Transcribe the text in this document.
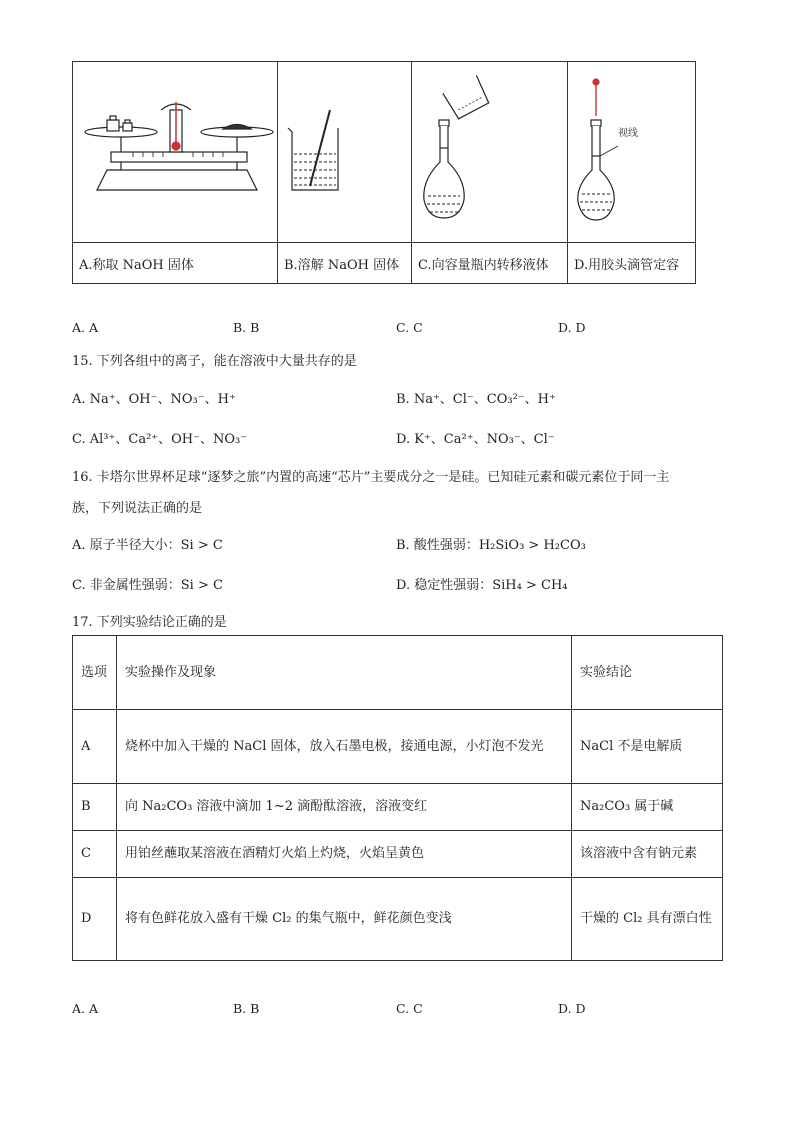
视线

A.称取 NaOH 固体	B.溶解 NaOH 固体	C.向容量瓶内转移液体	D.用胶头滴管定容
A. A	B. B	C. C	D. D
15. 下列各组中的离子，能在溶液中大量共存的是
A. Na⁺、OH⁻、NO₃⁻、H⁺	B. Na⁺、Cl⁻、CO₃²⁻、H⁺
C. Al³⁺、Ca²⁺、OH⁻、NO₃⁻	D. K⁺、Ca²⁺、NO₃⁻、Cl⁻
16. 卡塔尔世界杯足球“逐梦之旅”内置的高速“芯片”主要成分之一是硅。已知硅元素和碳元素位于同一主
族，下列说法正确的是
A. 原子半径大小：Si > C	B. 酸性强弱：H₂SiO₃ > H₂CO₃
C. 非金属性强弱：Si > C	D. 稳定性强弱：SiH₄ > CH₄
17. 下列实验结论正确的是
选项	实验操作及现象	实验结论
A	烧杯中加入干燥的 NaCl 固体，放入石墨电极，接通电源，小灯泡不发光	NaCl 不是电解质
B	向 Na₂CO₃ 溶液中滴加 1~2 滴酚酞溶液，溶液变红	Na₂CO₃ 属于碱
C	用铂丝蘸取某溶液在酒精灯火焰上灼烧，火焰呈黄色	该溶液中含有钠元素
D	将有色鲜花放入盛有干燥 Cl₂ 的集气瓶中，鲜花颜色变浅	干燥的 Cl₂ 具有漂白性
A. A	B. B	C. C	D. D
